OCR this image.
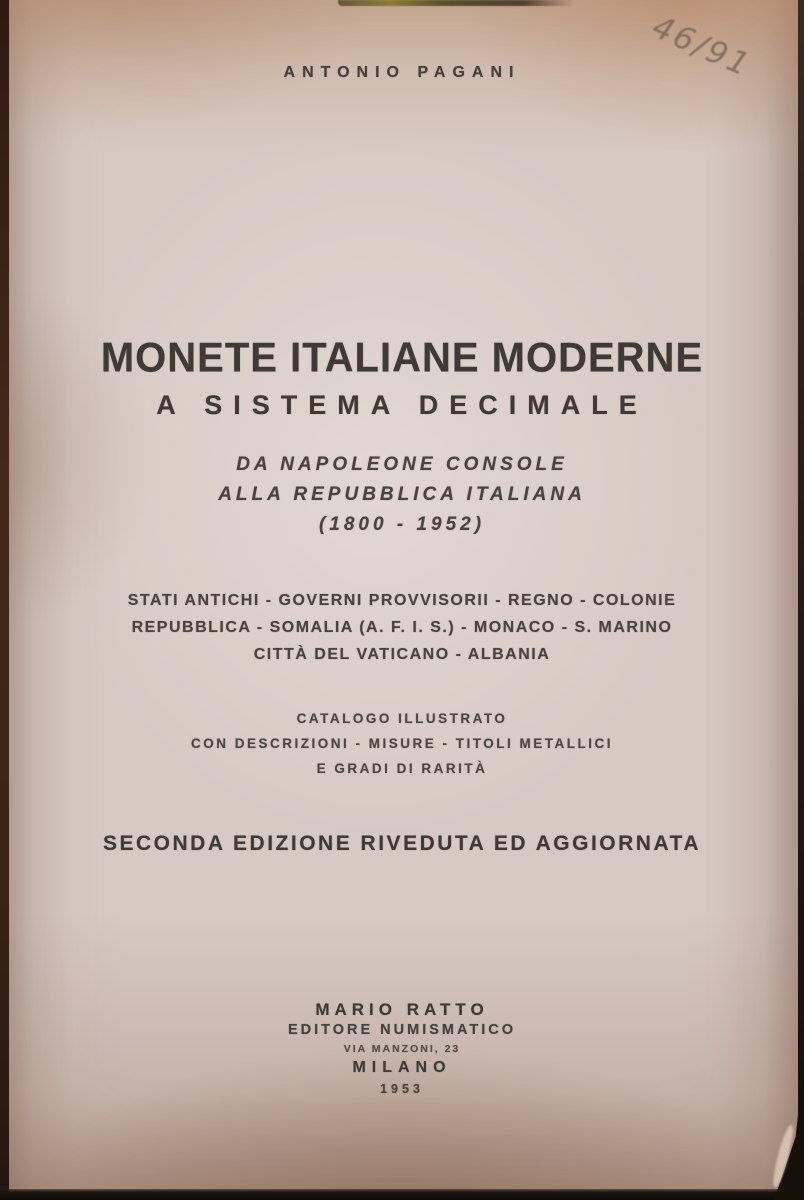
46/91
ANTONIO PAGANI
MONETE ITALIANE MODERNE
A SISTEMA DECIMALE
DA NAPOLEONE CONSOLE
ALLA REPUBBLICA ITALIANA
(1800 - 1952)
STATI ANTICHI - GOVERNI PROVVISORII - REGNO - COLONIE
REPUBBLICA - SOMALIA (A. F. I. S.) - MONACO - S. MARINO
CITTÀ DEL VATICANO - ALBANIA
CATALOGO ILLUSTRATO
CON DESCRIZIONI - MISURE - TITOLI METALLICI
E GRADI DI RARITÀ
SECONDA EDIZIONE RIVEDUTA ED AGGIORNATA
MARIO RATTO
EDITORE NUMISMATICO
VIA MANZONI, 23
MILANO
1953
